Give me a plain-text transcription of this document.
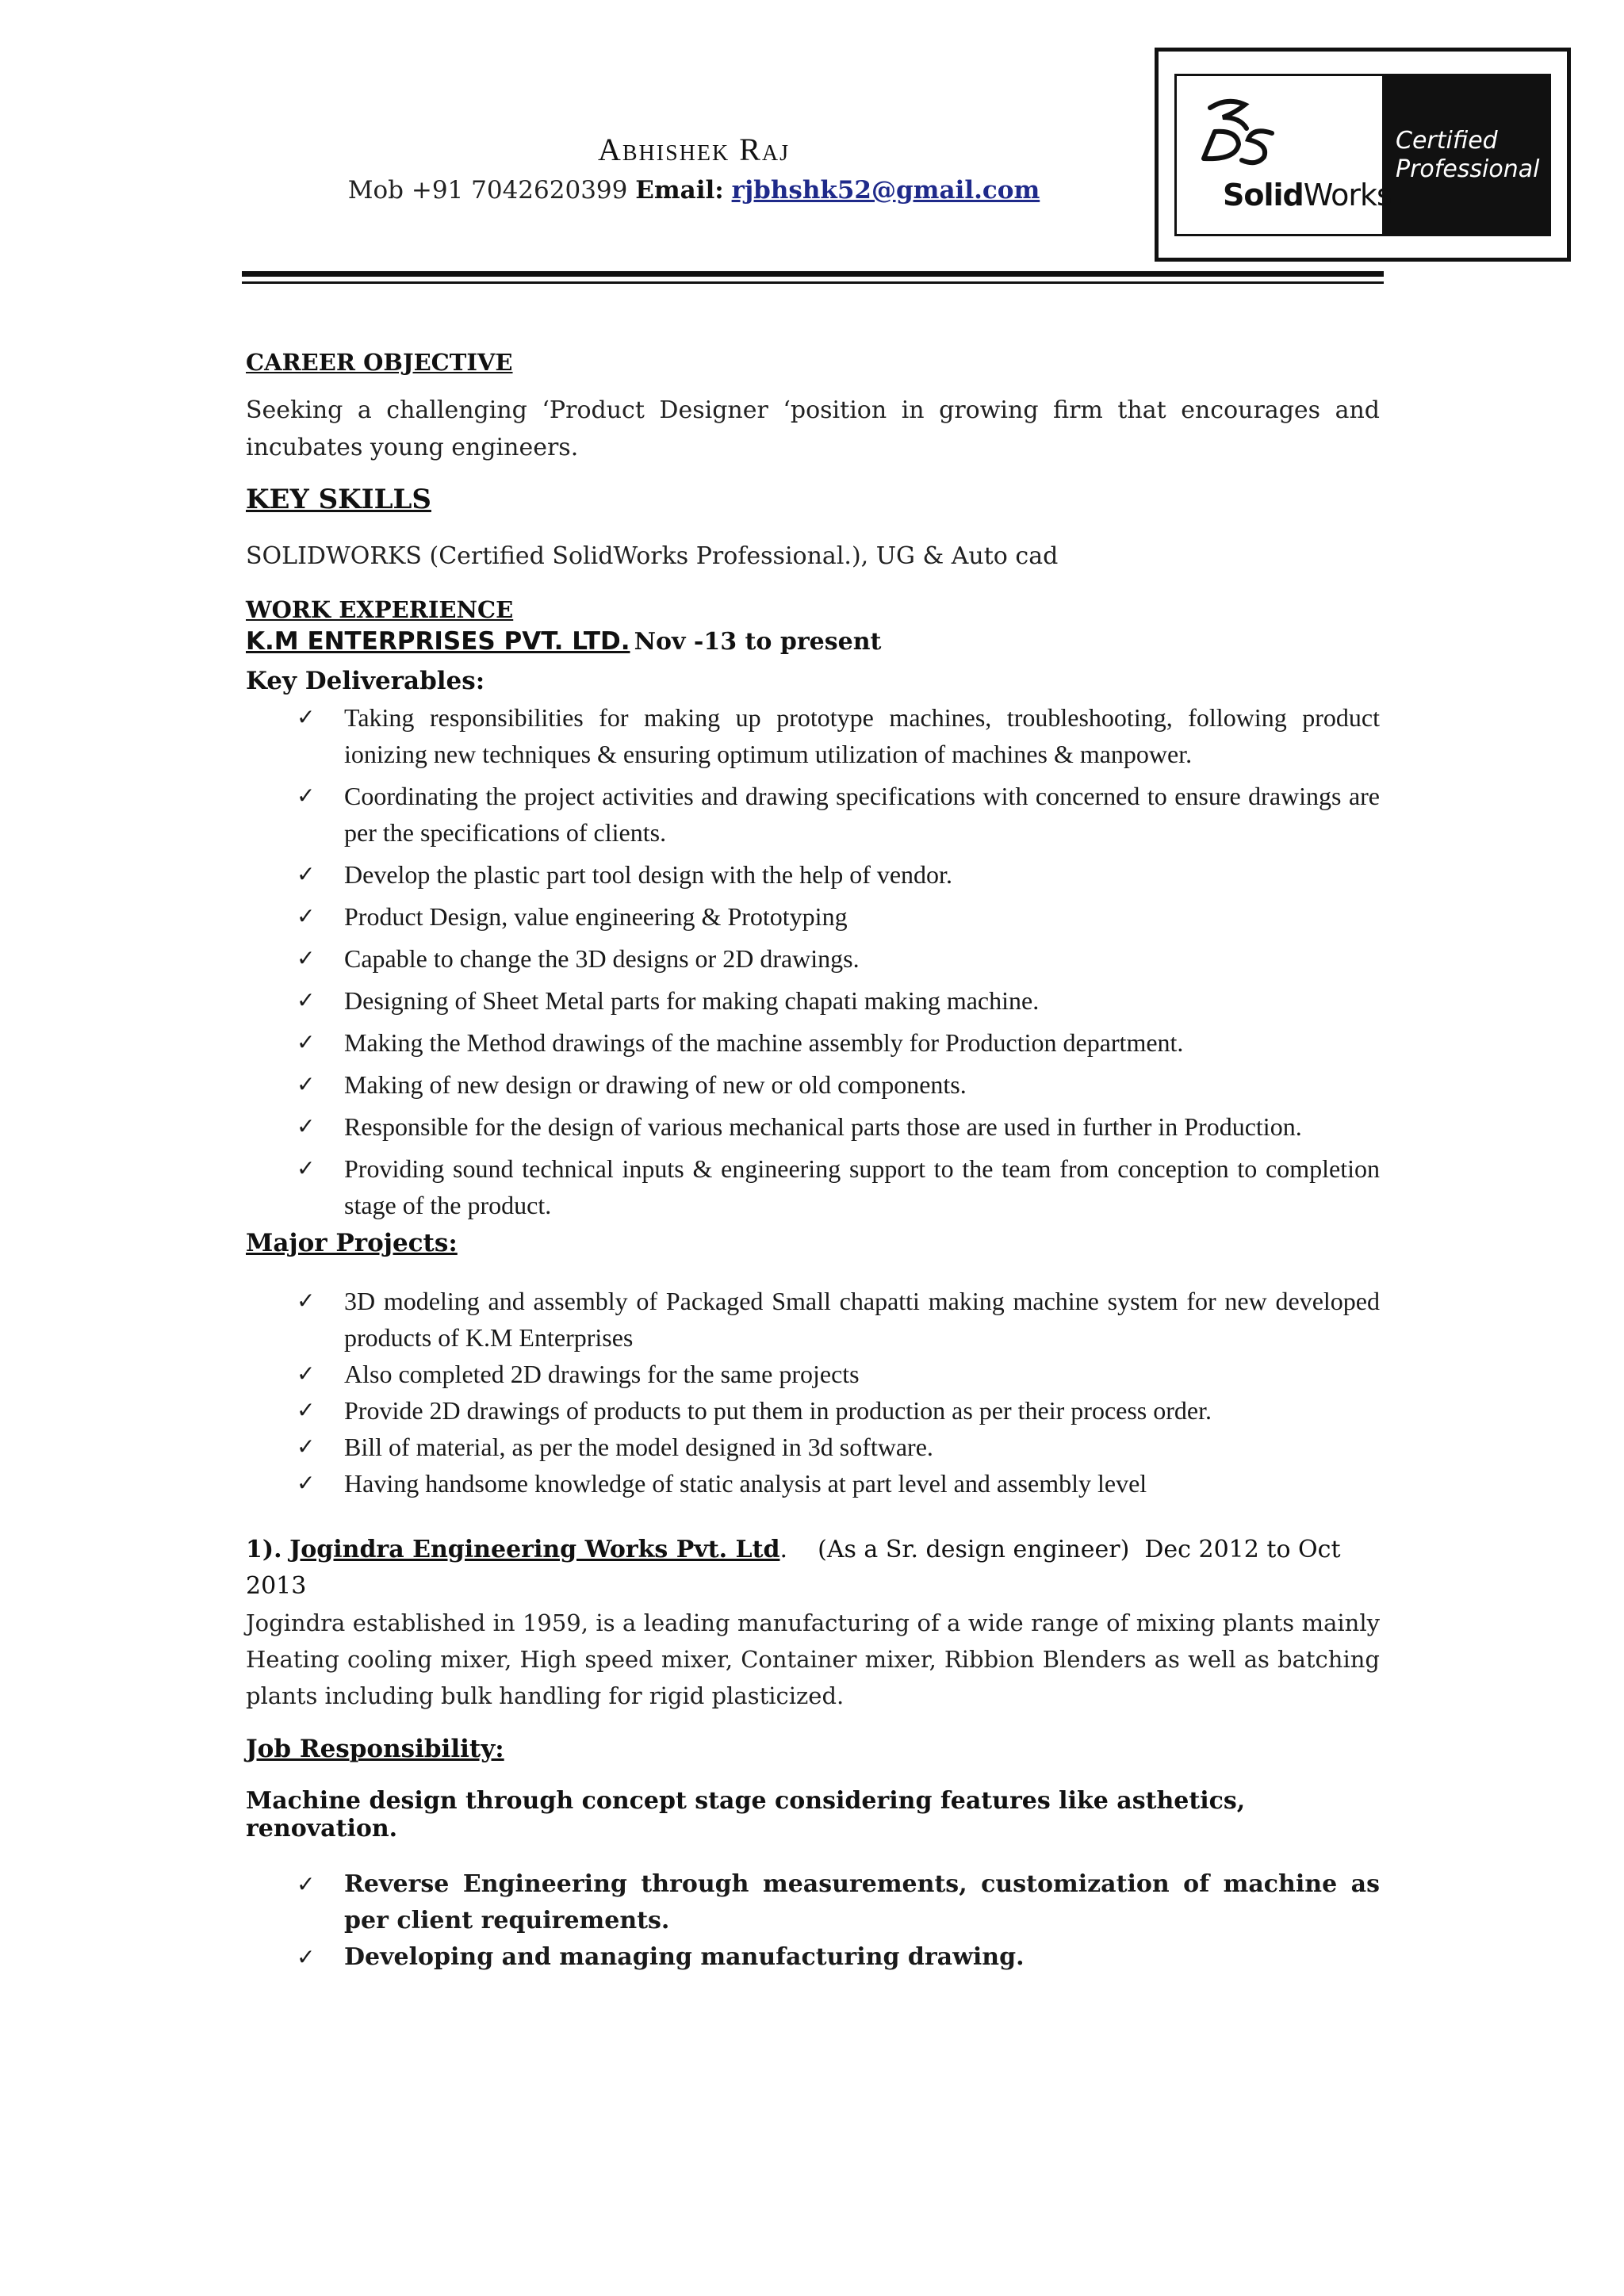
Abhishek Raj
Mob +91 7042620399 Email: rjbhshk52@gmail.com	SolidWorks
Certified
Professional
CAREER OBJECTIVE

Seeking a challenging ‘Product Designer ‘position in growing firm that encourages and incubates young engineers.

KEY SKILLS

SOLIDWORKS (Certified SolidWorks Professional.), UG & Auto cad

WORK EXPERIENCE
K.M ENTERPRISES PVT. LTD. Nov -13 to present
Key Deliverables:
✓ Taking responsibilities for making up prototype machines, troubleshooting, following product ionizing new techniques & ensuring optimum utilization of machines & manpower.
✓ Coordinating the project activities and drawing specifications with concerned to ensure drawings are per the specifications of clients.
✓ Develop the plastic part tool design with the help of vendor.
✓ Product Design, value engineering & Prototyping
✓ Capable to change the 3D designs or 2D drawings.
✓ Designing of Sheet Metal parts for making chapati making machine.
✓ Making the Method drawings of the machine assembly for Production department.
✓ Making of new design or drawing of new or old components.
✓ Responsible for the design of various mechanical parts those are used in further in Production.
✓ Providing sound technical inputs & engineering support to the team from conception to completion stage of the product.
Major Projects:
✓ 3D modeling and assembly of Packaged Small chapatti making machine system for new developed products of K.M Enterprises
✓ Also completed 2D drawings for the same projects
✓ Provide 2D drawings of products to put them in production as per their process order.
✓ Bill of material, as per the model designed in 3d software.
✓ Having handsome knowledge of static analysis at part level and assembly level
1). Jogindra Engineering Works Pvt. Ltd.    (As a Sr. design engineer) Dec 2012 to Oct 2013

Jogindra established in 1959, is a leading manufacturing of a wide range of mixing plants mainly Heating cooling mixer, High speed mixer, Container mixer, Ribbion Blenders as well as batching plants including bulk handling for rigid plasticized.

Job Responsibility:

Machine design through concept stage considering features like asthetics, renovation.

✓ Reverse Engineering through measurements, customization of machine as per client requirements.
✓ Developing and managing manufacturing drawing.
